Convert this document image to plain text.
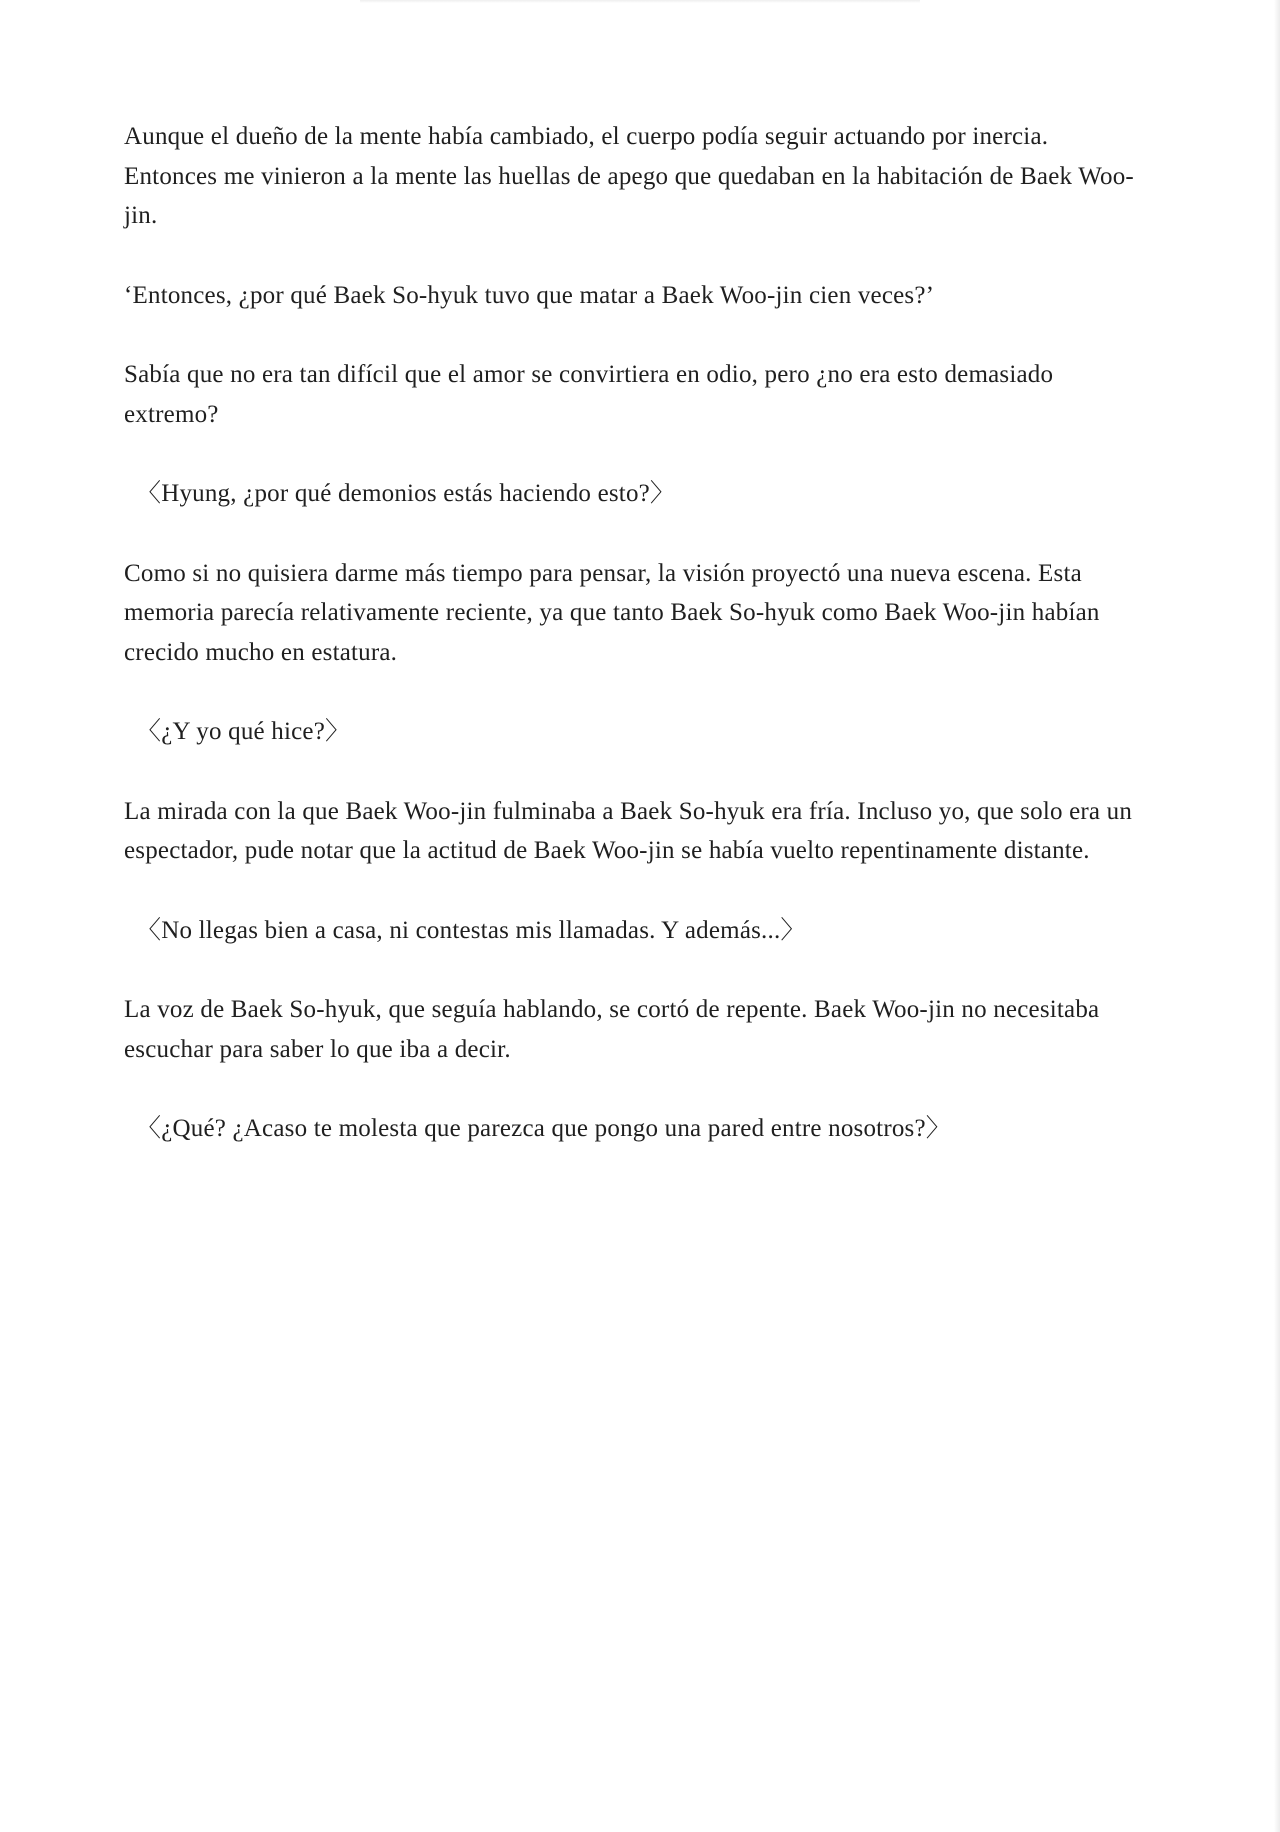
Aunque el dueño de la mente había cambiado, el cuerpo podía seguir actuando por inercia. Entonces me vinieron a la mente las huellas de apego que quedaban en la habitación de Baek Woo-jin.

‘Entonces, ¿por qué Baek So-hyuk tuvo que matar a Baek Woo-jin cien veces?’

Sabía que no era tan difícil que el amor se convirtiera en odio, pero ¿no era esto demasiado extremo?

〈Hyung, ¿por qué demonios estás haciendo esto?〉

Como si no quisiera darme más tiempo para pensar, la visión proyectó una nueva escena. Esta memoria parecía relativamente reciente, ya que tanto Baek So-hyuk como Baek Woo-jin habían crecido mucho en estatura.

〈¿Y yo qué hice?〉

La mirada con la que Baek Woo-jin fulminaba a Baek So-hyuk era fría. Incluso yo, que solo era un espectador, pude notar que la actitud de Baek Woo-jin se había vuelto repentinamente distante.

〈No llegas bien a casa, ni contestas mis llamadas. Y además...〉

La voz de Baek So-hyuk, que seguía hablando, se cortó de repente. Baek Woo-jin no necesitaba escuchar para saber lo que iba a decir.

〈¿Qué? ¿Acaso te molesta que parezca que pongo una pared entre nosotros?〉
